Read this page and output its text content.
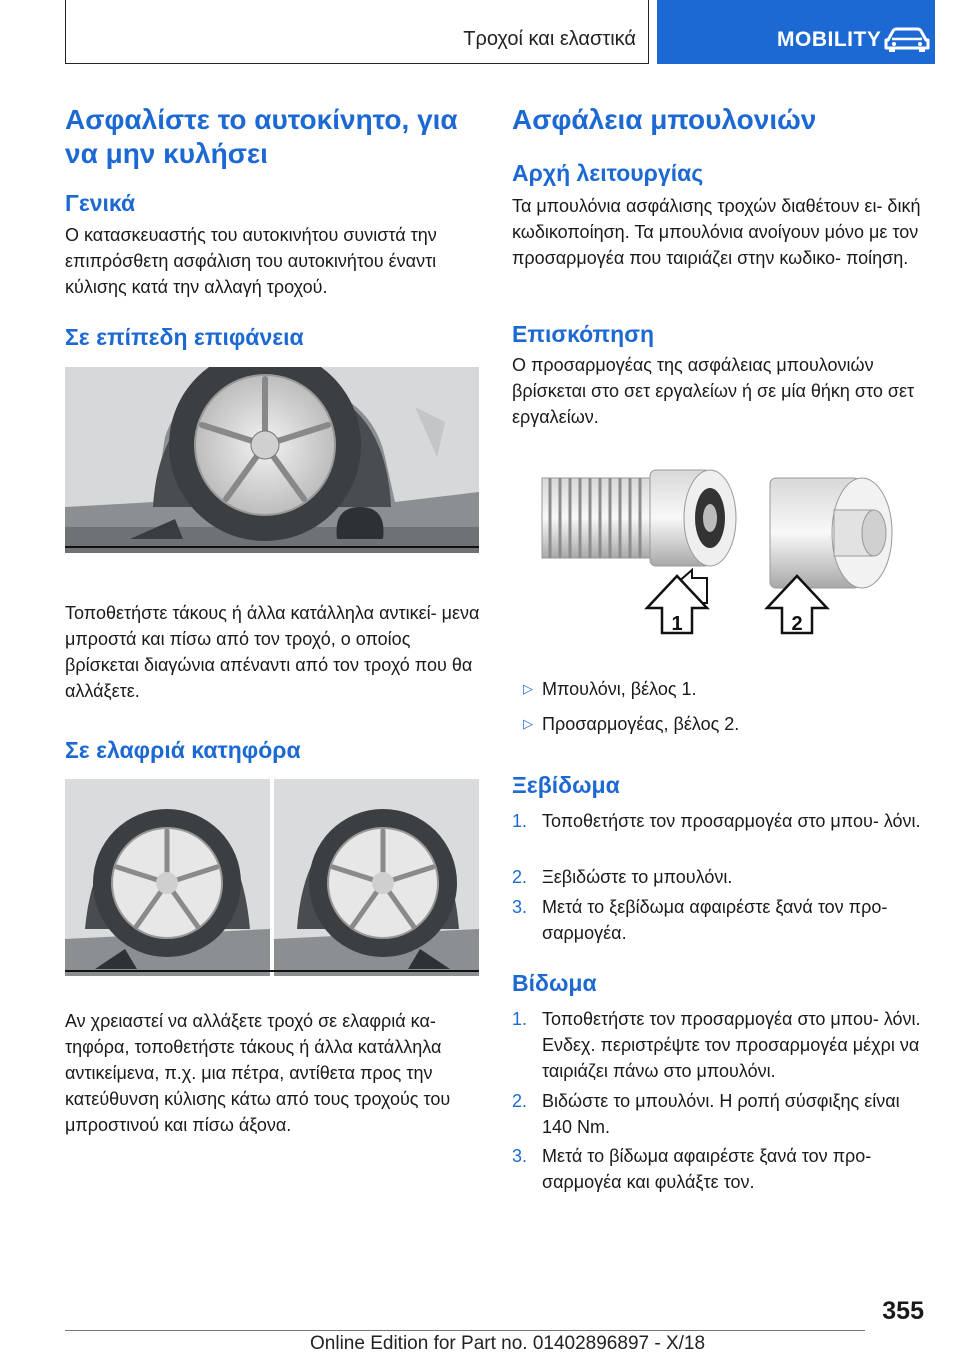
Τροχοί και ελαστικά	MOBILITY
Ασφαλίστε το αυτοκίνητο, για να μην κυλήσει
Γενικά

Ο κατασκευαστής του αυτοκινήτου συνιστά την επιπρόσθετη ασφάλιση του αυτοκινήτου έναντι κύλισης κατά την αλλαγή τροχού.

Σε επίπεδη επιφάνεια

Τοποθετήστε τάκους ή άλλα κατάλληλα αντικεί- μενα μπροστά και πίσω από τον τροχό, ο οποίος βρίσκεται διαγώνια απέναντι από τον τροχό που θα αλλάξετε.

Σε ελαφριά κατηφόρα

Αν χρειαστεί να αλλάξετε τροχό σε ελαφριά κα- τηφόρα, τοποθετήστε τάκους ή άλλα κατάλληλα αντικείμενα, π.χ. μια πέτρα, αντίθετα προς την κατεύθυνση κύλισης κάτω από τους τροχούς του μπροστινού και πίσω άξονα.

Ασφάλεια μπουλονιών
Αρχή λειτουργίας

Τα μπουλόνια ασφάλισης τροχών διαθέτουν ει- δική κωδικοποίηση. Τα μπουλόνια ανοίγουν μόνο με τον προσαρμογέα που ταιριάζει στην κωδικο- ποίηση.

Επισκόπηση

Ο προσαρμογέας της ασφάλειας μπουλονιών βρίσκεται στο σετ εργαλείων ή σε μία θήκη στο σετ εργαλείων.

1	2
▷ Μπουλόνι, βέλος 1.
▷ Προσαρμογέας, βέλος 2.
Ξεβίδωμα
1. Τοποθετήστε τον προσαρμογέα στο μπου- λόνι.
2. Ξεβιδώστε το μπουλόνι.
3. Μετά το ξεβίδωμα αφαιρέστε ξανά τον προ- σαρμογέα.
Βίδωμα
1. Τοποθετήστε τον προσαρμογέα στο μπου- λόνι. Ενδεχ. περιστρέψτε τον προσαρμογέα μέχρι να ταιριάζει πάνω στο μπουλόνι.
2. Βιδώστε το μπουλόνι. Η ροπή σύσφιξης είναι 140 Nm.
3. Μετά το βίδωμα αφαιρέστε ξανά τον προ- σαρμογέα και φυλάξτε τον.
355
Online Edition for Part no. 01402896897 - X/18
